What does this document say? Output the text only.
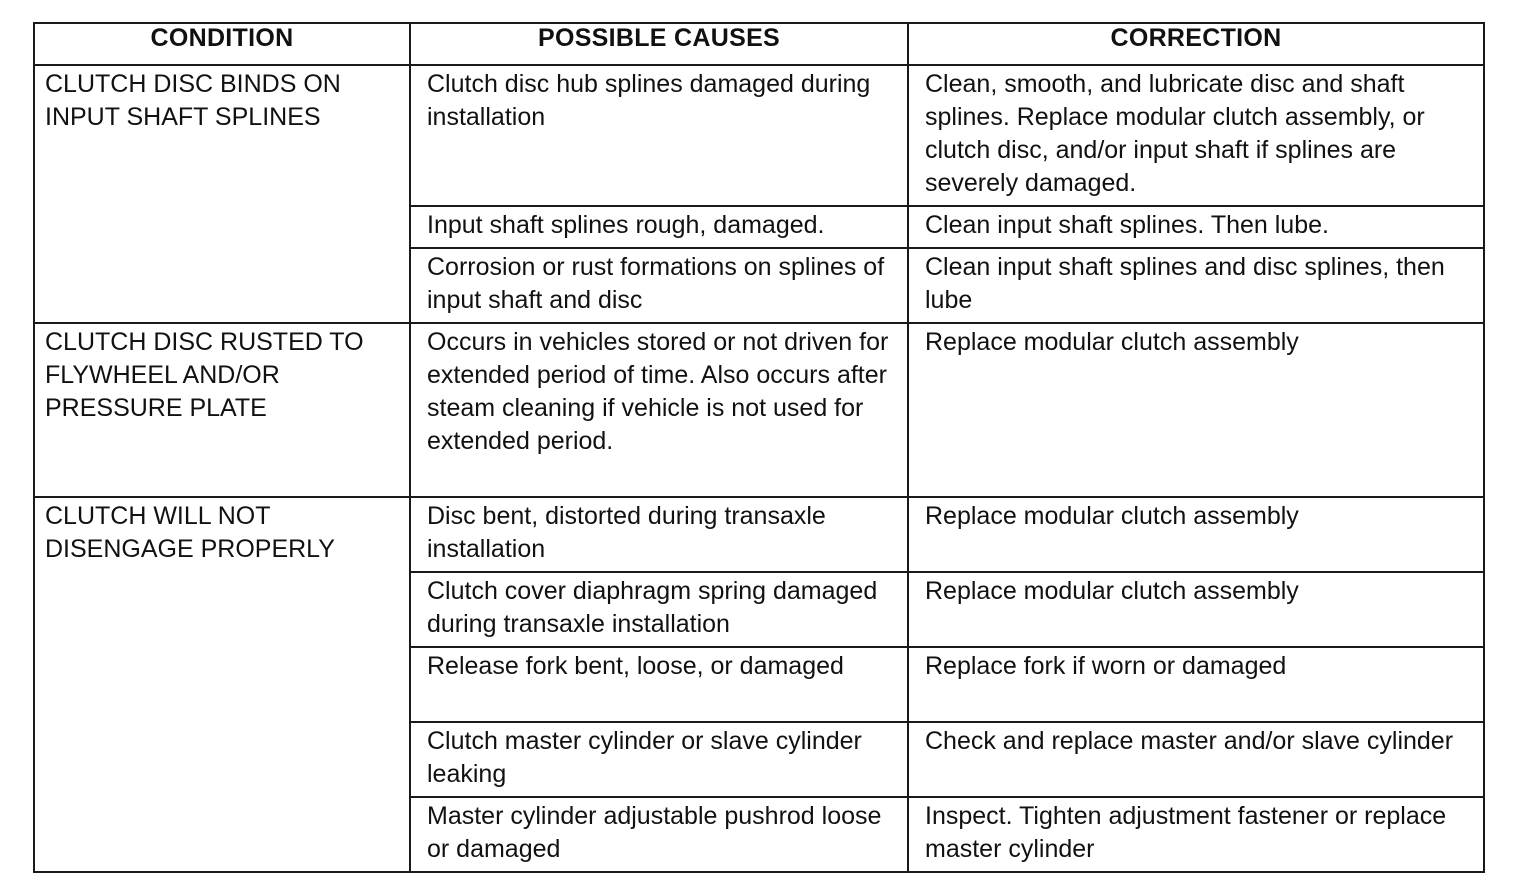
CONDITION	POSSIBLE CAUSES	CORRECTION
CLUTCH DISC BINDS ON INPUT SHAFT SPLINES	Clutch disc hub splines damaged during installation	Clean, smooth, and lubricate disc and shaft splines. Replace modular clutch assembly, or clutch disc, and/or input shaft if splines are severely damaged.
	Input shaft splines rough, damaged.	Clean input shaft splines. Then lube.
	Corrosion or rust formations on splines of input shaft and disc	Clean input shaft splines and disc splines, then lube
CLUTCH DISC RUSTED TO FLYWHEEL AND/OR PRESSURE PLATE	Occurs in vehicles stored or not driven for extended period of time. Also occurs after steam cleaning if vehicle is not used for extended period.	Replace modular clutch assembly
CLUTCH WILL NOT DISENGAGE PROPERLY	Disc bent, distorted during transaxle installation	Replace modular clutch assembly
	Clutch cover diaphragm spring damaged during transaxle installation	Replace modular clutch assembly
	Release fork bent, loose, or damaged	Replace fork if worn or damaged
	Clutch master cylinder or slave cylinder leaking	Check and replace master and/or slave cylinder
	Master cylinder adjustable pushrod loose or damaged	Inspect. Tighten adjustment fastener or replace master cylinder
